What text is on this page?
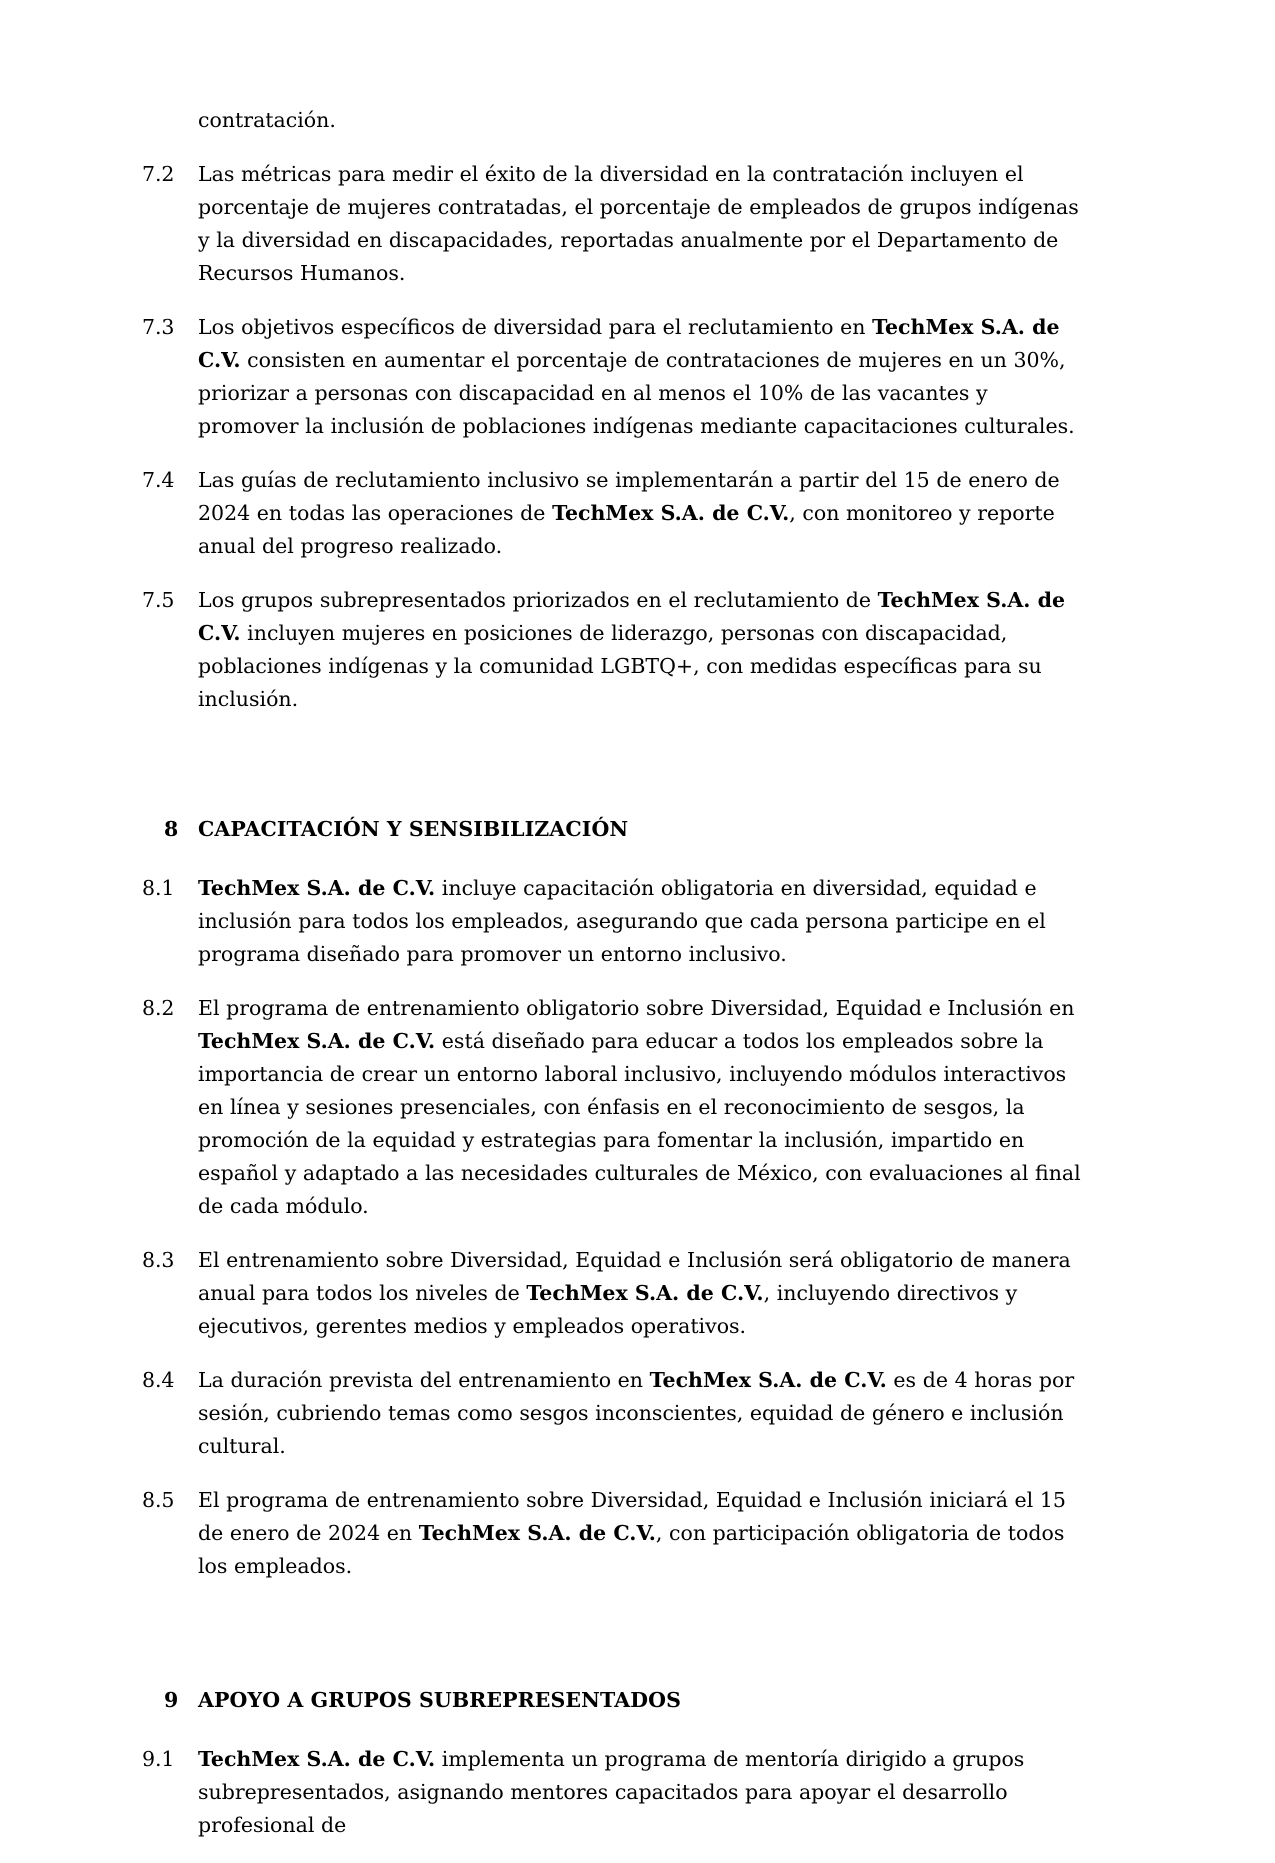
contratación.
7.2	Las métricas para medir el éxito de la diversidad en la contratación incluyen el porcentaje de mujeres contratadas, el porcentaje de empleados de grupos indígenas y la diversidad en discapacidades, reportadas anualmente por el Departamento de Recursos Humanos.
7.3	Los objetivos específicos de diversidad para el reclutamiento en TechMex S.A. de C.V. consisten en aumentar el porcentaje de contrataciones de mujeres en un 30%, priorizar a personas con discapacidad en al menos el 10% de las vacantes y promover la inclusión de poblaciones indígenas mediante capacitaciones culturales.
7.4	Las guías de reclutamiento inclusivo se implementarán a partir del 15 de enero de 2024 en todas las operaciones de TechMex S.A. de C.V., con monitoreo y reporte anual del progreso realizado.
7.5	Los grupos subrepresentados priorizados en el reclutamiento de TechMex S.A. de C.V. incluyen mujeres en posiciones de liderazgo, personas con discapacidad, poblaciones indígenas y la comunidad LGBTQ+, con medidas específicas para su inclusión.
8 CAPACITACIÓN Y SENSIBILIZACIÓN
8.1	TechMex S.A. de C.V. incluye capacitación obligatoria en diversidad, equidad e inclusión para todos los empleados, asegurando que cada persona participe en el programa diseñado para promover un entorno inclusivo.
8.2	El programa de entrenamiento obligatorio sobre Diversidad, Equidad e Inclusión en TechMex S.A. de C.V. está diseñado para educar a todos los empleados sobre la importancia de crear un entorno laboral inclusivo, incluyendo módulos interactivos en línea y sesiones presenciales, con énfasis en el reconocimiento de sesgos, la promoción de la equidad y estrategias para fomentar la inclusión, impartido en español y adaptado a las necesidades culturales de México, con evaluaciones al final de cada módulo.
8.3	El entrenamiento sobre Diversidad, Equidad e Inclusión será obligatorio de manera anual para todos los niveles de TechMex S.A. de C.V., incluyendo directivos y ejecutivos, gerentes medios y empleados operativos.
8.4	La duración prevista del entrenamiento en TechMex S.A. de C.V. es de 4 horas por sesión, cubriendo temas como sesgos inconscientes, equidad de género e inclusión cultural.
8.5	El programa de entrenamiento sobre Diversidad, Equidad e Inclusión iniciará el 15 de enero de 2024 en TechMex S.A. de C.V., con participación obligatoria de todos los empleados.
9 APOYO A GRUPOS SUBREPRESENTADOS
9.1	TechMex S.A. de C.V. implementa un programa de mentoría dirigido a grupos subrepresentados, asignando mentores capacitados para apoyar el desarrollo profesional de
